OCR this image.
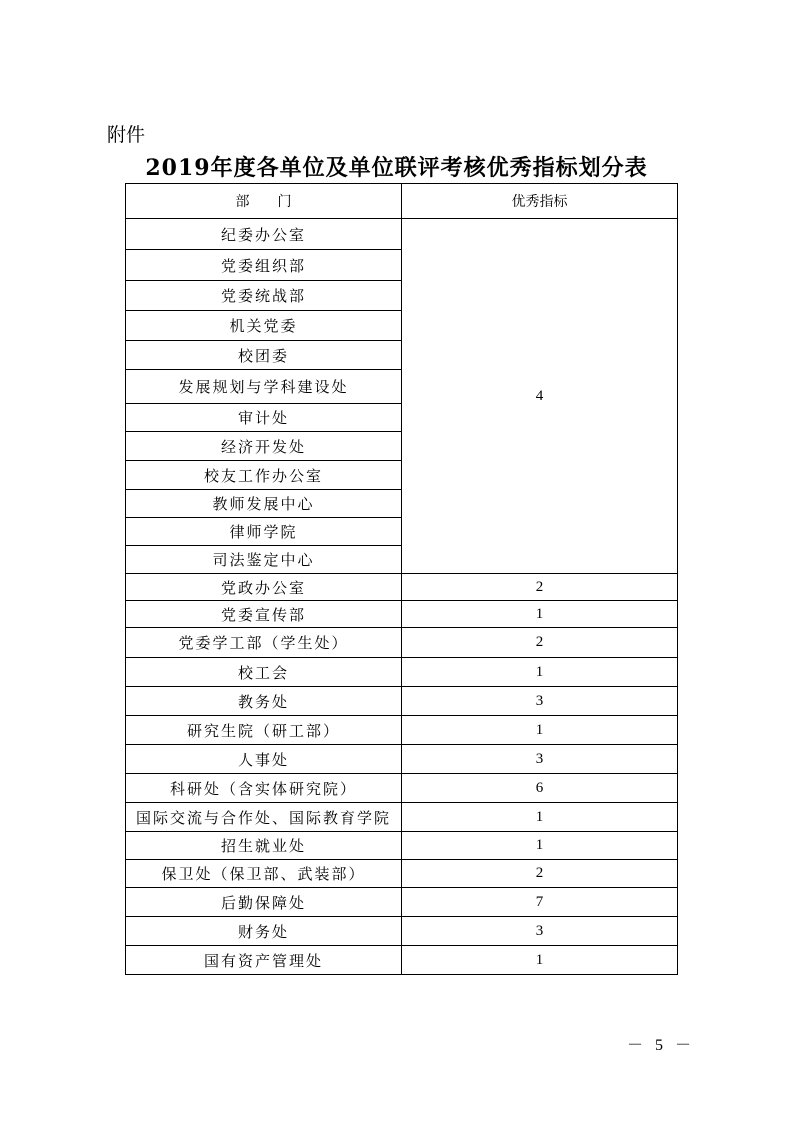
附件
2019年度各单位及单位联评考核优秀指标划分表
部　　门	优秀指标
纪委办公室	4
党委组织部	
党委统战部	
机关党委	
校团委	
发展规划与学科建设处	
审计处	
经济开发处	
校友工作办公室	
教师发展中心	
律师学院	
司法鉴定中心	
党政办公室	2
党委宣传部	1
党委学工部（学生处）	2
校工会	1
教务处	3
研究生院（研工部）	1
人事处	3
科研处（含实体研究院）	6
国际交流与合作处、国际教育学院	1
招生就业处	1
保卫处（保卫部、武装部）	2
后勤保障处	7
财务处	3
国有资产管理处	1
－ 5 －
